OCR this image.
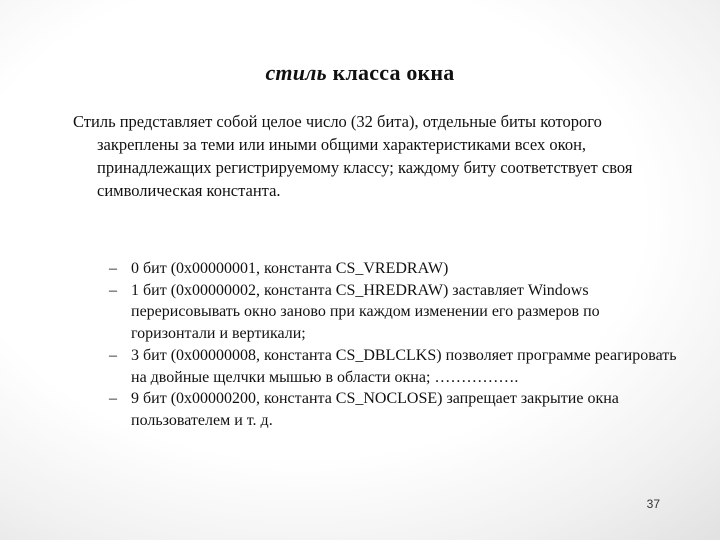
стиль класса окна
Стиль представляет собой целое число (32 бита), отдельные биты которого закреплены за теми или иными общими характеристиками всех окон, принадлежащих регистрируемому классу; каждому биту соответствует своя символическая константа.
– 0 бит (0x00000001, константа CS_VREDRAW)
– 1 бит (0x00000002, константа CS_HREDRAW) заставляет Windows перерисовывать окно заново при каждом изменении его размеров по горизонтали и вертикали;
– 3 бит (0x00000008, константа CS_DBLCLKS) позволяет программе реагировать на двойные щелчки мышью в области окна; …………….
– 9 бит (0x00000200, константа CS_NOCLOSE) запрещает закрытие окна пользователем и т. д.
37
